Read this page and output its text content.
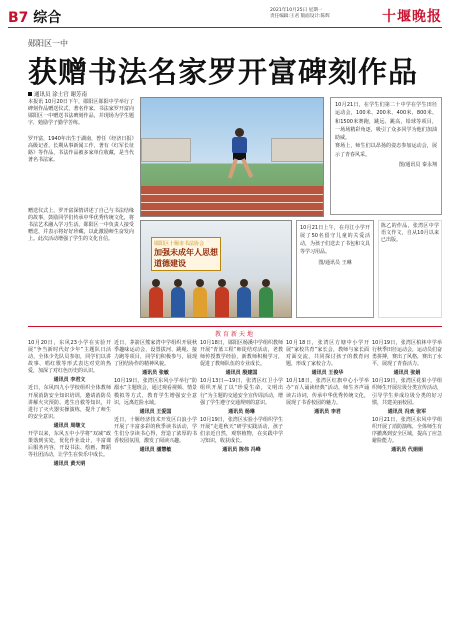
B7 综合	2021年10月25日 星期一
责任编辑:王君 版面设计:陈辉	十堰晚报
郧阳区一中
获赠书法名家罗开富碑刻作品
通讯员 涂士官 谢芳南
本报讯 10月20日下午，郧阳区郧阳中学举行了碑刻作品赠送仪式，著名作家、书法家罗开富向郧阳区一中赠送书法碑刻作品，并现场为学生题字，勉励学子勤学苦练。
罗开富，1940年出生于湖南，曾任《经济日报》高级记者，长期从事新闻工作，著有《红军长征路》等作品，书法作品被多家单位收藏，是当代著名书法家。
赠送仪式上，罗开富深情讲述了自己与书法结缘的故事，鼓励同学们传承中华优秀传统文化，将书法艺术融入学习生活。郧阳区一中负责人接受赠送，并表示将好好珍藏，以此激励师生奋发向上。此次活动增强了学生的文化自信。
10月21日，在学生们第二十中学在学生田径运动会，100米、200米、400米、800米、和1500米赛跑，跳远、跳高，铅球等项目，一场场精彩角逐，吸引了众多同学为他们加油助威。
赛场上，师生们以昂扬的姿态参加运动会，展示了青春风采。
图/通讯员 秦永翔
郧阳区十堰市书法协会
加强未成年人思想道德建设
10月21日上午，在丹江小学开展了50名留守儿童的关爱活动，为孩子们送去了书包和文具等学习用品。
图/通讯员 王琳
陈乙的作品，张湾区中学语文作文，自从10月以来已出版。
教育新天地
10月20日，东风23小学在实验开展“争当新时代好少年”主题队日活动，全体少先队员参加，同学们以讲故事、唱红歌等形式表达对党的热爱，加深了对红色历史的认识。
通讯员 李君文
近日，东风四九小学校组织全体教师开展消防安全知识培训，邀请消防员讲解火灾预防、逃生自救等知识，并进行了灭火器实操演练，提升了师生的安全意识。
通讯员 周继文
开学以来，东风五中小学将“双减”政策落到实处，优化作业设计，丰富课后服务内容，开设书法、绘画、舞蹈等社团活动，让学生在快乐中成长。
通讯员 黄天明
近日，茅箭区熊家湾中学组织开展秋季趣味运动会，设置拔河、跳绳、接力跑等项目，同学们积极参与，展现了团结协作的精神风貌。
通讯员 张敏
10月19日，张湾区东风小学举行“防溺水”主题班会，通过观看视频、情景模拟等方式，教育学生增强安全意识，远离危险水域。
通讯员 王爱国
近日，十堰经济技术开发区白浪小学开展了丰富多彩的秋季读书活动，学生们分享读书心得，营造了浓厚的书香校园氛围，激发了阅读兴趣。
通讯员 潘慧敏
10月18日，郧阳区杨溪中学组织教师开展“青蓝工程”师徒结对活动，老教师传授教学经验，新教师积极学习，促进了教师队伍的专业成长。
通讯员 殷建国
10月13日—19日，张湾区红卫小学组织开展了以“珍爱生命，文明出行”为主题的交通安全宣传周活动，增强了学生遵守交通规则的意识。
通讯员 杨琳
10月19日，张湾区实验小学组织学生开展“走进秋天”研学实践活动，孩子们亲近自然，观察植物，在实践中学习知识，收获成长。
通讯员 陈伟 冯峰
10月18日，张湾区方塘中小学开展“家校共育”家长会，教师与家长面对面交流，共同探讨孩子的教育问题，形成了家校合力。
通讯员 王俊华
10月18日，张湾区红旗中心小学举办“百人诵读经典”活动，师生齐声诵读古诗词，传承中华优秀传统文化，展现了书香校园的魅力。
通讯员 李君
10月19日，张湾区柏林中学举行秋季田径运动会，运动员们奋勇拼搏，赛出了风格，赛出了水平，展现了青春活力。
通讯员 张娟
10月19日，张湾区花果小学组织师生开展垃圾分类宣传活动，引导学生养成垃圾分类的好习惯，共建美丽校园。
通讯员 冯欢 张军
10月21日，张湾区东风中学组织开展了消防演练，全体师生有序撤离到安全区域，提高了应急避险能力。
通讯员 代娟娟
